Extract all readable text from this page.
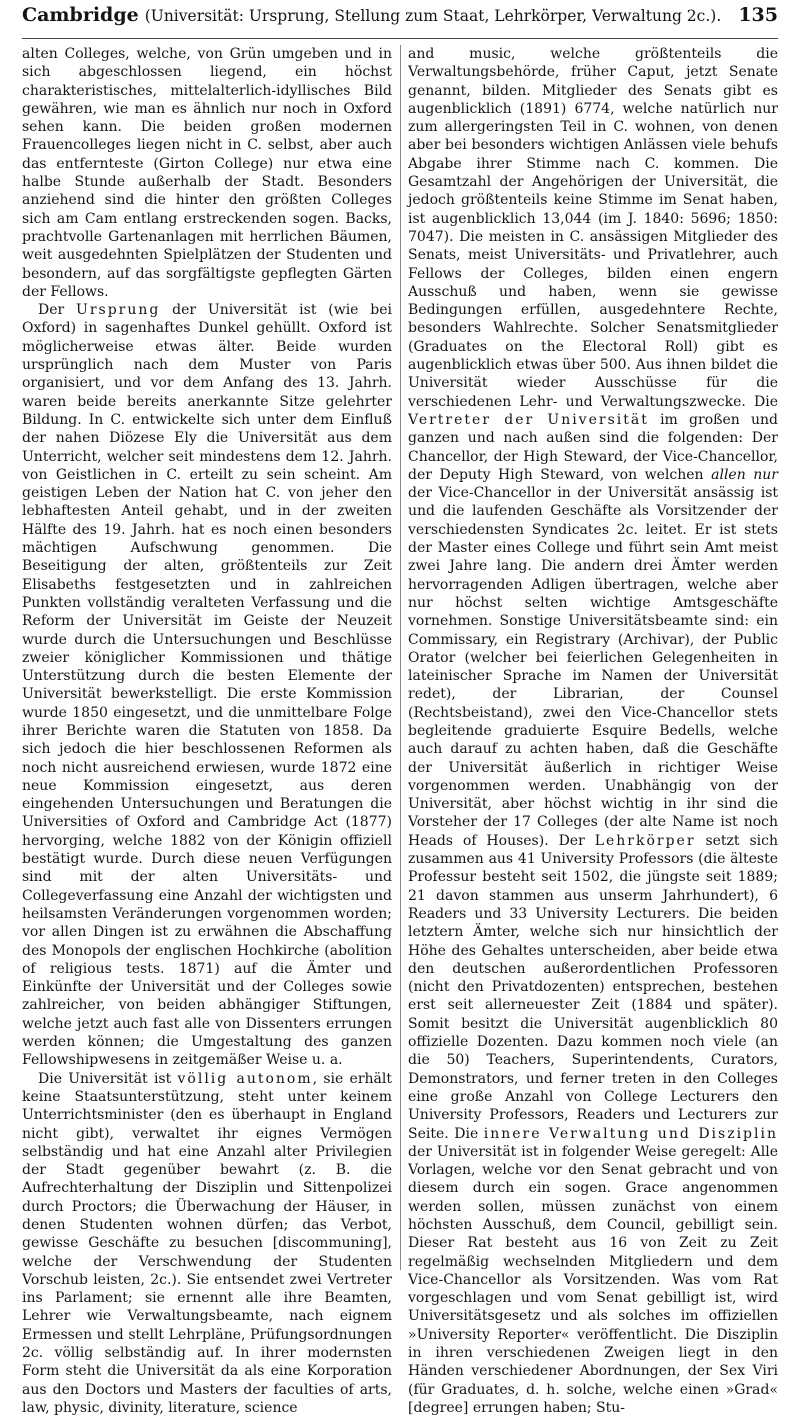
Cambridge (Universität: Ursprung, Stellung zum Staat, Lehrkörper, Verwaltung 2c.). 135

alten Colleges, welche, von Grün umgeben und in sich abgeschlossen liegend, ein höchst charakteristisches, mittelalterlich-idyllisches Bild gewähren, wie man es ähnlich nur noch in Oxford sehen kann. Die beiden großen modernen Frauencolleges liegen nicht in C. selbst, aber auch das entfernteste (Girton College) nur etwa eine halbe Stunde außerhalb der Stadt. Besonders anziehend sind die hinter den größten Colleges sich am Cam entlang erstreckenden sogen. Backs, prachtvolle Gartenanlagen mit herrlichen Bäumen, weit ausgedehnten Spielplätzen der Studenten und besondern, auf das sorgfältigste gepflegten Gärten der Fellows.

Der Ursprung der Universität ist (wie bei Oxford) in sagenhaftes Dunkel gehüllt. Oxford ist möglicherweise etwas älter. Beide wurden ursprünglich nach dem Muster von Paris organisiert, und vor dem Anfang des 13. Jahrh. waren beide bereits anerkannte Sitze gelehrter Bildung. In C. entwickelte sich unter dem Einfluß der nahen Diözese Ely die Universität aus dem Unterricht, welcher seit mindestens dem 12. Jahrh. von Geistlichen in C. erteilt zu sein scheint. Am geistigen Leben der Nation hat C. von jeher den lebhaftesten Anteil gehabt, und in der zweiten Hälfte des 19. Jahrh. hat es noch einen besonders mächtigen Aufschwung genommen. Die Beseitigung der alten, größtenteils zur Zeit Elisabeths festgesetzten und in zahlreichen Punkten vollständig veralteten Verfassung und die Reform der Universität im Geiste der Neuzeit wurde durch die Untersuchungen und Beschlüsse zweier königlicher Kommissionen und thätige Unterstützung durch die besten Elemente der Universität bewerkstelligt. Die erste Kommission wurde 1850 eingesetzt, und die unmittelbare Folge ihrer Berichte waren die Statuten von 1858. Da sich jedoch die hier beschlossenen Reformen als noch nicht ausreichend erwiesen, wurde 1872 eine neue Kommission eingesetzt, aus deren eingehenden Untersuchungen und Beratungen die Universities of Oxford and Cambridge Act (1877) hervorging, welche 1882 von der Königin offiziell bestätigt wurde. Durch diese neuen Verfügungen sind mit der alten Universitäts- und Collegeverfassung eine Anzahl der wichtigsten und heilsamsten Veränderungen vorgenommen worden; vor allen Dingen ist zu erwähnen die Abschaffung des Monopols der englischen Hochkirche (abolition of religious tests. 1871) auf die Ämter und Einkünfte der Universität und der Colleges sowie zahlreicher, von beiden abhängiger Stiftungen, welche jetzt auch fast alle von Dissenters errungen werden können; die Umgestaltung des ganzen Fellowshipwesens in zeitgemäßer Weise u. a.

Die Universität ist völlig autonom, sie erhält keine Staatsunterstützung, steht unter keinem Unterrichtsminister (den es überhaupt in England nicht gibt), verwaltet ihr eignes Vermögen selbständig und hat eine Anzahl alter Privilegien der Stadt gegenüber bewahrt (z. B. die Aufrechterhaltung der Disziplin und Sittenpolizei durch Proctors; die Überwachung der Häuser, in denen Studenten wohnen dürfen; das Verbot, gewisse Geschäfte zu besuchen [discommuning], welche der Verschwendung der Studenten Vorschub leisten, 2c.). Sie entsendet zwei Vertreter ins Parlament; sie ernennt alle ihre Beamten, Lehrer wie Verwaltungsbeamte, nach eignem Ermessen und stellt Lehrpläne, Prüfungsordnungen 2c. völlig selbständig auf. In ihrer modernsten Form steht die Universität da als eine Korporation aus den Doctors und Masters der faculties of arts, law, physic, divinity, literature, science

and music, welche größtenteils die Verwaltungsbehörde, früher Caput, jetzt Senate genannt, bilden. Mitglieder des Senats gibt es augenblicklich (1891) 6774, welche natürlich nur zum allergeringsten Teil in C. wohnen, von denen aber bei besonders wichtigen Anlässen viele behufs Abgabe ihrer Stimme nach C. kommen. Die Gesamtzahl der Angehörigen der Universität, die jedoch größtenteils keine Stimme im Senat haben, ist augenblicklich 13,044 (im J. 1840: 5696; 1850: 7047). Die meisten in C. ansässigen Mitglieder des Senats, meist Universitäts- und Privatlehrer, auch Fellows der Colleges, bilden einen engern Ausschuß und haben, wenn sie gewisse Bedingungen erfüllen, ausgedehntere Rechte, besonders Wahlrechte. Solcher Senatsmitglieder (Graduates on the Electoral Roll) gibt es augenblicklich etwas über 500. Aus ihnen bildet die Universität wieder Ausschüsse für die verschiedenen Lehr- und Verwaltungszwecke. Die Vertreter der Universität im großen und ganzen und nach außen sind die folgenden: Der Chancellor, der High Steward, der Vice-Chancellor, der Deputy High Steward, von welchen allen nur der Vice-Chancellor in der Universität ansässig ist und die laufenden Geschäfte als Vorsitzender der verschiedensten Syndicates 2c. leitet. Er ist stets der Master eines College und führt sein Amt meist zwei Jahre lang. Die andern drei Ämter werden hervorragenden Adligen übertragen, welche aber nur höchst selten wichtige Amtsgeschäfte vornehmen. Sonstige Universitätsbeamte sind: ein Commissary, ein Registrary (Archivar), der Public Orator (welcher bei feierlichen Gelegenheiten in lateinischer Sprache im Namen der Universität redet), der Librarian, der Counsel (Rechtsbeistand), zwei den Vice-Chancellor stets begleitende graduierte Esquire Bedells, welche auch darauf zu achten haben, daß die Geschäfte der Universität äußerlich in richtiger Weise vorgenommen werden. Unabhängig von der Universität, aber höchst wichtig in ihr sind die Vorsteher der 17 Colleges (der alte Name ist noch Heads of Houses). Der Lehrkörper setzt sich zusammen aus 41 University Professors (die älteste Professur besteht seit 1502, die jüngste seit 1889; 21 davon stammen aus unserm Jahrhundert), 6 Readers und 33 University Lecturers. Die beiden letztern Ämter, welche sich nur hinsichtlich der Höhe des Gehaltes unterscheiden, aber beide etwa den deutschen außerordentlichen Professoren (nicht den Privatdozenten) entsprechen, bestehen erst seit allerneuester Zeit (1884 und später). Somit besitzt die Universität augenblicklich 80 offizielle Dozenten. Dazu kommen noch viele (an die 50) Teachers, Superintendents, Curators, Demonstrators, und ferner treten in den Colleges eine große Anzahl von College Lecturers den University Professors, Readers und Lecturers zur Seite. Die innere Verwaltung und Disziplin der Universität ist in folgender Weise geregelt: Alle Vorlagen, welche vor den Senat gebracht und von diesem durch ein sogen. Grace angenommen werden sollen, müssen zunächst von einem höchsten Ausschuß, dem Council, gebilligt sein. Dieser Rat besteht aus 16 von Zeit zu Zeit regelmäßig wechselnden Mitgliedern und dem Vice-Chancellor als Vorsitzenden. Was vom Rat vorgeschlagen und vom Senat gebilligt ist, wird Universitätsgesetz und als solches im offiziellen »University Reporter« veröffentlicht. Die Disziplin in ihren verschiedenen Zweigen liegt in den Händen verschiedener Abordnungen, der Sex Viri (für Graduates, d. h. solche, welche einen »Grad« [degree] errungen haben; Stu-
